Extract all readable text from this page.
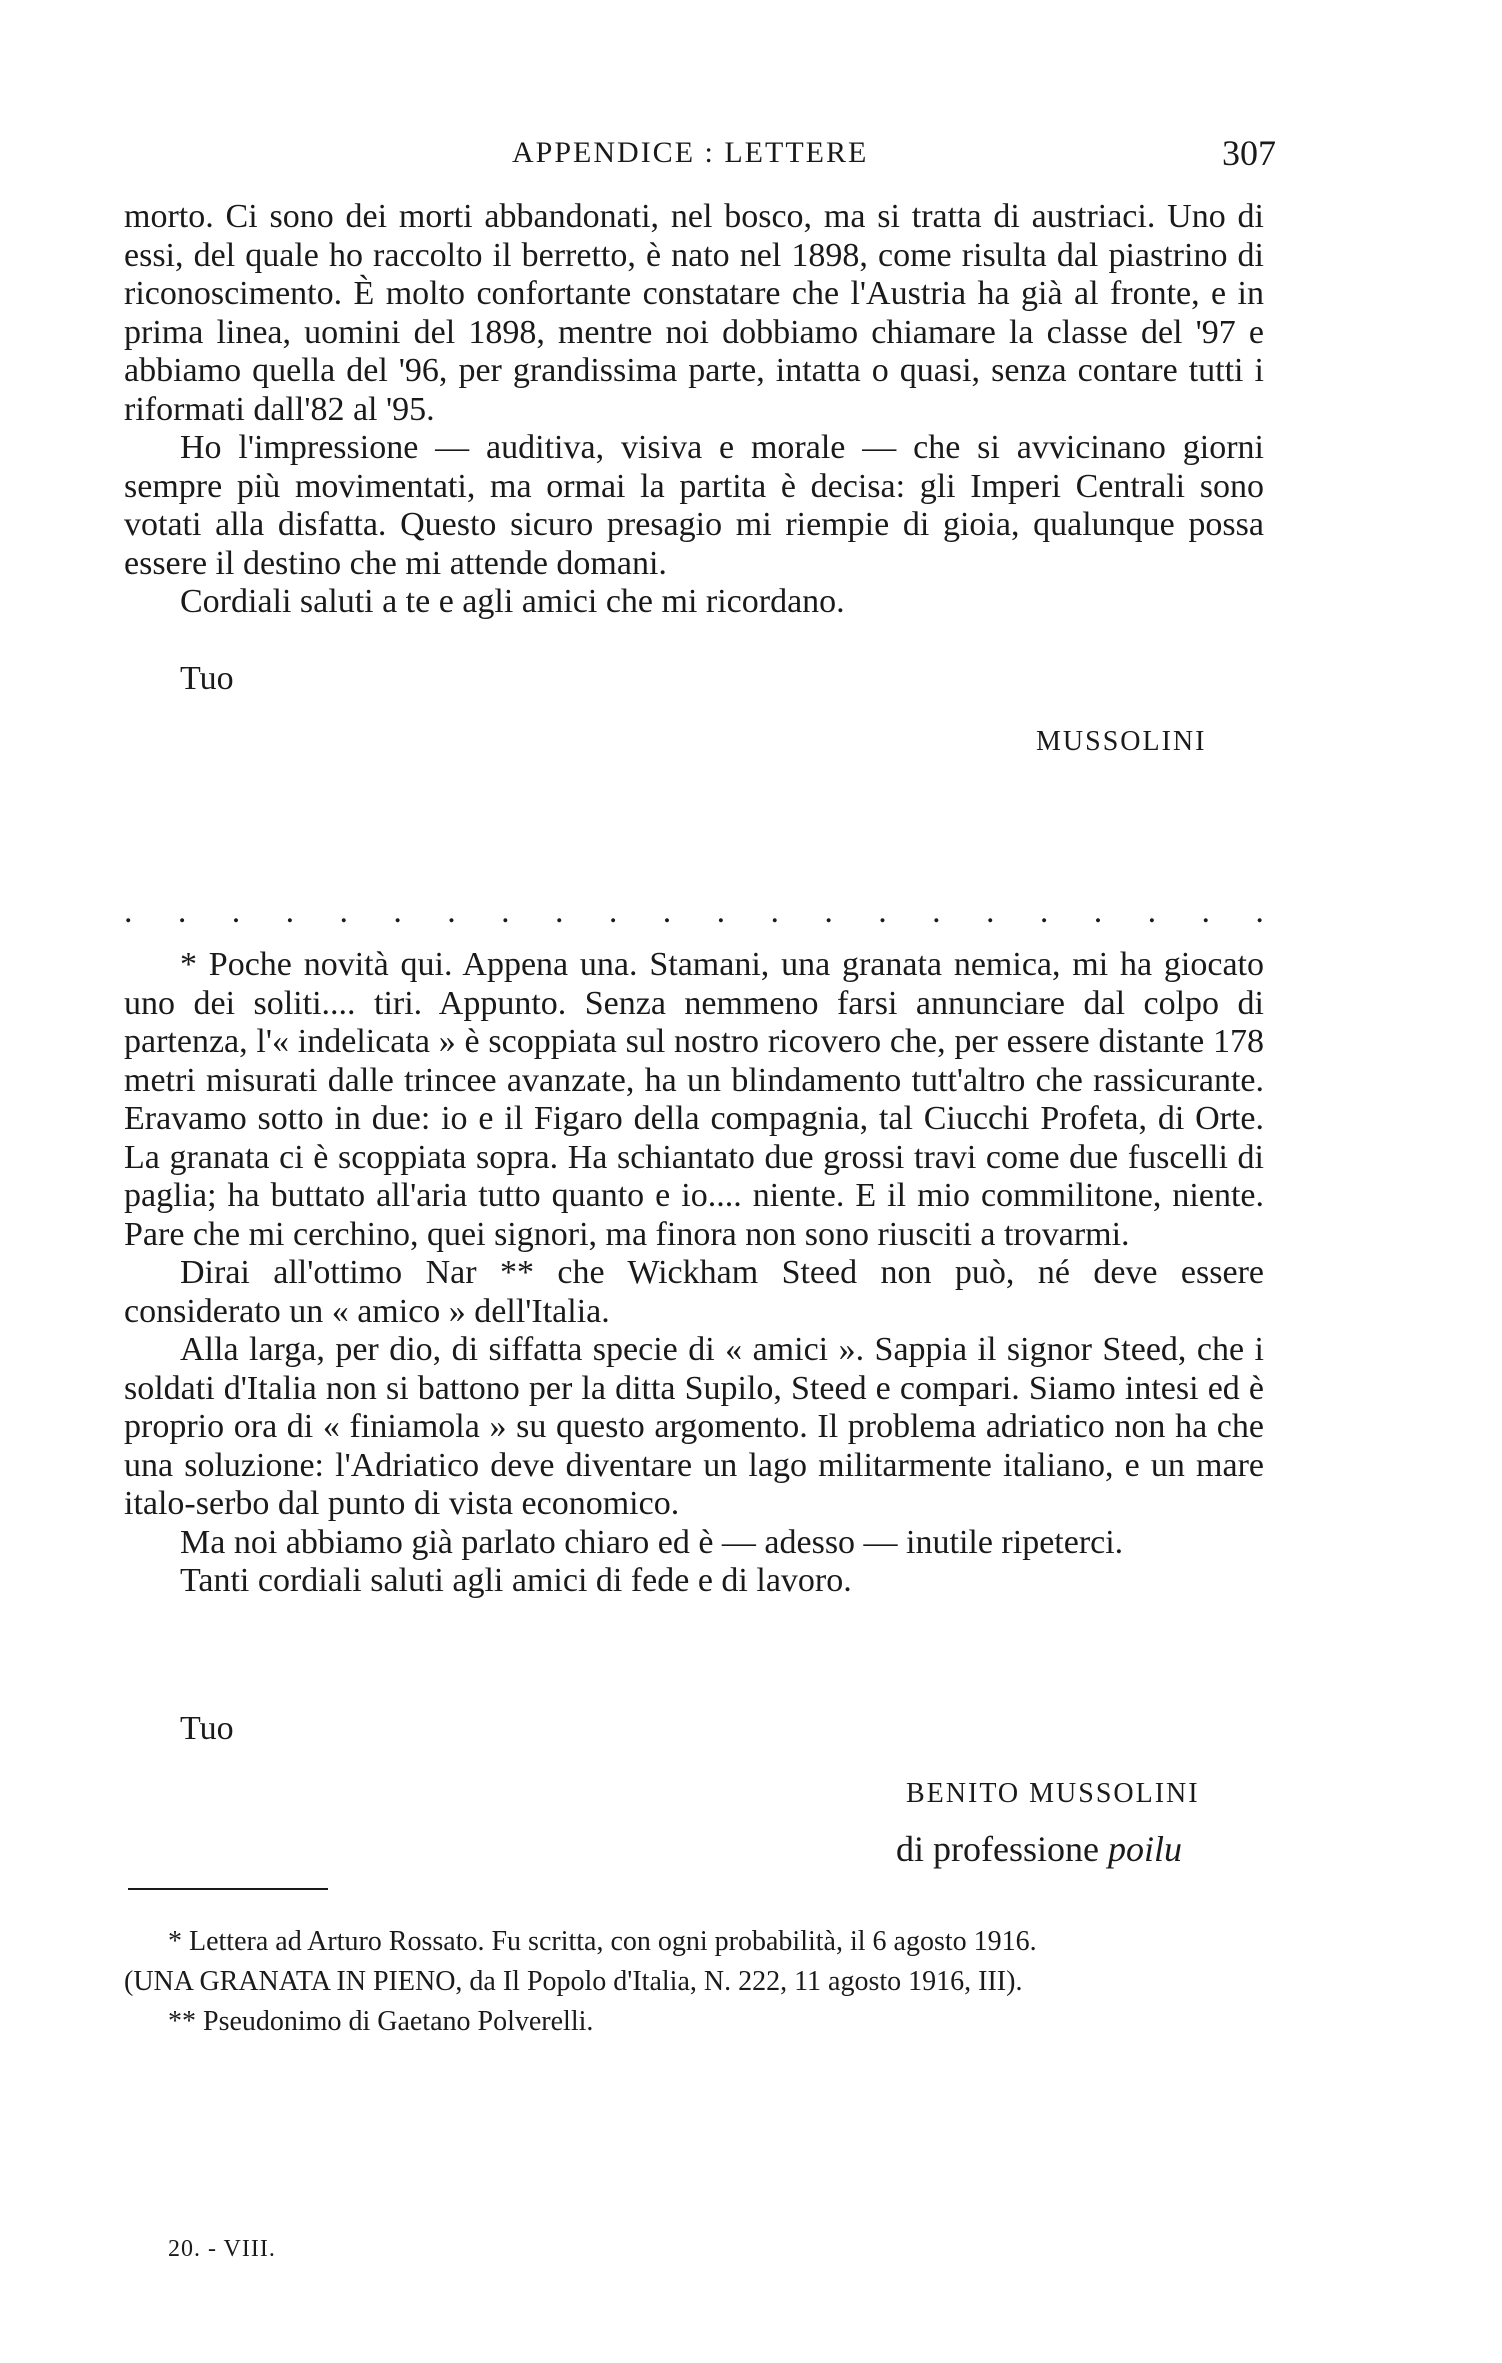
APPENDICE : LETTERE	307

morto. Ci sono dei morti abbandonati, nel bosco, ma si tratta di austriaci. Uno di essi, del quale ho raccolto il berretto, è nato nel 1898, come risulta dal piastrino di riconoscimento. È molto confortante constatare che l'Austria ha già al fronte, e in prima linea, uomini del 1898, mentre noi dobbiamo chiamare la classe del '97 e abbiamo quella del '96, per grandissima parte, intatta o quasi, senza contare tutti i riformati dall'82 al '95.

Ho l'impressione — auditiva, visiva e morale — che si avvicinano giorni sempre più movimentati, ma ormai la partita è decisa: gli Imperi Centrali sono votati alla disfatta. Questo sicuro presagio mi riempie di gioia, qualunque possa essere il destino che mi attende domani.

Cordiali saluti a te e agli amici che mi ricordano.

Tuo
MUSSOLINI
. . . . . . . . . . . . . . . . . . . . . .

* Poche novità qui. Appena una. Stamani, una granata nemica, mi ha giocato uno dei soliti.... tiri. Appunto. Senza nemmeno farsi annunciare dal colpo di partenza, l'« indelicata » è scoppiata sul nostro ricovero che, per essere distante 178 metri misurati dalle trincee avanzate, ha un blindamento tutt'altro che rassicurante. Eravamo sotto in due: io e il Figaro della compagnia, tal Ciucchi Profeta, di Orte. La granata ci è scoppiata sopra. Ha schiantato due grossi travi come due fuscelli di paglia; ha buttato all'aria tutto quanto e io.... niente. E il mio commilitone, niente. Pare che mi cerchino, quei signori, ma finora non sono riusciti a trovarmi.

Dirai all'ottimo Nar ** che Wickham Steed non può, né deve essere considerato un « amico » dell'Italia.

Alla larga, per dio, di siffatta specie di « amici ». Sappia il signor Steed, che i soldati d'Italia non si battono per la ditta Supilo, Steed e compari. Siamo intesi ed è proprio ora di « finiamola » su questo argomento. Il problema adriatico non ha che una soluzione: l'Adriatico deve diventare un lago militarmente italiano, e un mare italo-serbo dal punto di vista economico.

Ma noi abbiamo già parlato chiaro ed è — adesso — inutile ripeterci.

Tanti cordiali saluti agli amici di fede e di lavoro.

Tuo
BENITO MUSSOLINI
di professione poilu

* Lettera ad Arturo Rossato. Fu scritta, con ogni probabilità, il 6 agosto 1916.

(UNA GRANATA IN PIENO, da Il Popolo d'Italia, N. 222, 11 agosto 1916, III).

** Pseudonimo di Gaetano Polverelli.

20. - VIII.
